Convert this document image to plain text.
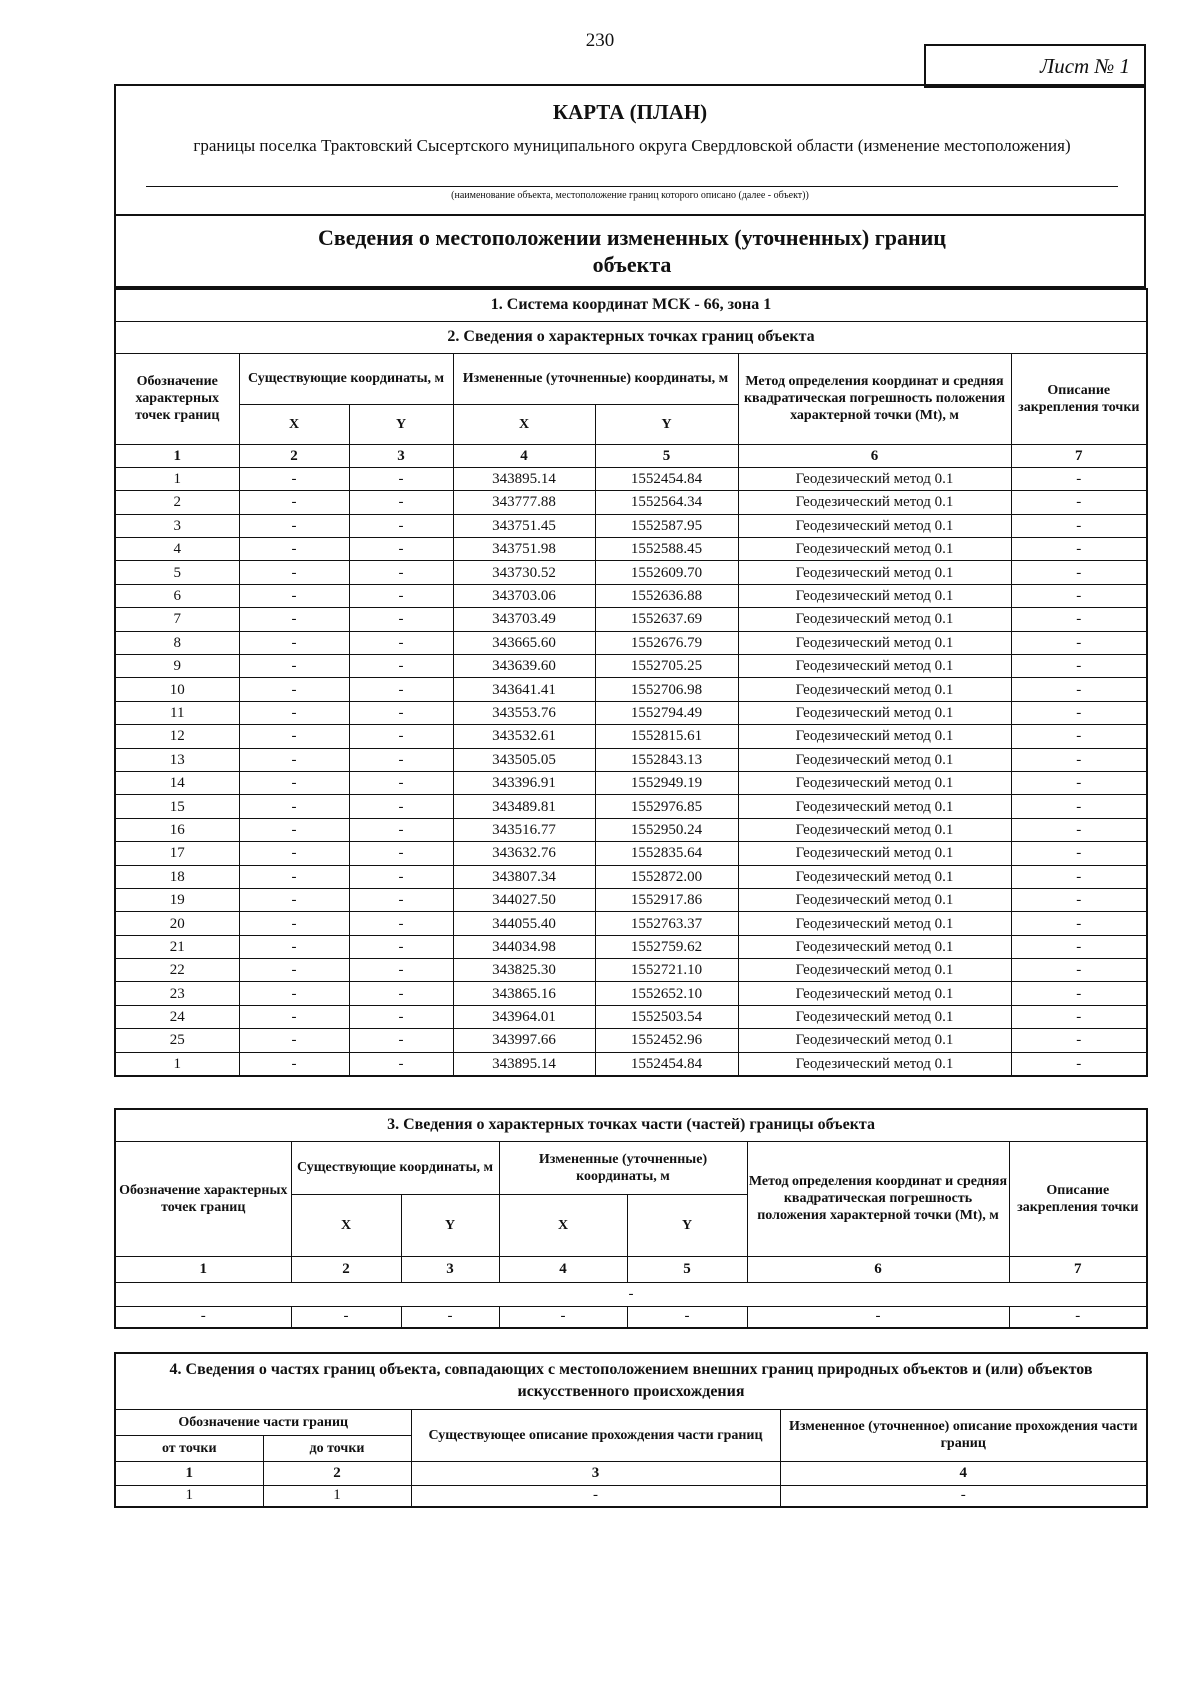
230
Лист № 1
КАРТА (ПЛАН)
границы поселка Трактовский Сысертского муниципального округа Свердловской области (изменение местоположения)
(наименование объекта, местоположение границ которого описано (далее - объект))
Сведения о местоположении измененных (уточненных) границ объекта
1. Система координат МСК - 66, зона 1						
2. Сведения о характерных точках границ объекта						
Обозначение характерных точек границ	Существующие координаты, м		Измененные (уточненные) координаты, м		Метод определения координат и средняя квадратическая погрешность положения характерной точки (Mt), м	Описание закрепления точки
	X	Y	X	Y		
1	2	3	4	5	6	7
1	-	-	343895.14	1552454.84	Геодезический метод 0.1	-
2	-	-	343777.88	1552564.34	Геодезический метод 0.1	-
3	-	-	343751.45	1552587.95	Геодезический метод 0.1	-
4	-	-	343751.98	1552588.45	Геодезический метод 0.1	-
5	-	-	343730.52	1552609.70	Геодезический метод 0.1	-
6	-	-	343703.06	1552636.88	Геодезический метод 0.1	-
7	-	-	343703.49	1552637.69	Геодезический метод 0.1	-
8	-	-	343665.60	1552676.79	Геодезический метод 0.1	-
9	-	-	343639.60	1552705.25	Геодезический метод 0.1	-
10	-	-	343641.41	1552706.98	Геодезический метод 0.1	-
11	-	-	343553.76	1552794.49	Геодезический метод 0.1	-
12	-	-	343532.61	1552815.61	Геодезический метод 0.1	-
13	-	-	343505.05	1552843.13	Геодезический метод 0.1	-
14	-	-	343396.91	1552949.19	Геодезический метод 0.1	-
15	-	-	343489.81	1552976.85	Геодезический метод 0.1	-
16	-	-	343516.77	1552950.24	Геодезический метод 0.1	-
17	-	-	343632.76	1552835.64	Геодезический метод 0.1	-
18	-	-	343807.34	1552872.00	Геодезический метод 0.1	-
19	-	-	344027.50	1552917.86	Геодезический метод 0.1	-
20	-	-	344055.40	1552763.37	Геодезический метод 0.1	-
21	-	-	344034.98	1552759.62	Геодезический метод 0.1	-
22	-	-	343825.30	1552721.10	Геодезический метод 0.1	-
23	-	-	343865.16	1552652.10	Геодезический метод 0.1	-
24	-	-	343964.01	1552503.54	Геодезический метод 0.1	-
25	-	-	343997.66	1552452.96	Геодезический метод 0.1	-
1	-	-	343895.14	1552454.84	Геодезический метод 0.1	-
3. Сведения о характерных точках части (частей) границы объекта						
Обозначение характерных точек границ	Существующие координаты, м		Измененные (уточненные) координаты, м		Метод определения координат и средняя квадратическая погрешность положения характерной точки (Mt), м	Описание закрепления точки
	X	Y	X	Y		
1	2	3	4	5	6	7
-						
-	-	-	-	-	-	-
4. Сведения о частях границ объекта, совпадающих с местоположением внешних границ природных объектов и (или) объектов искусственного происхождения			
Обозначение части границ		Существующее описание прохождения части границ	Измененное (уточненное) описание прохождения части границ
от точки	до точки		
1	2	3	4
1	1	-	-
